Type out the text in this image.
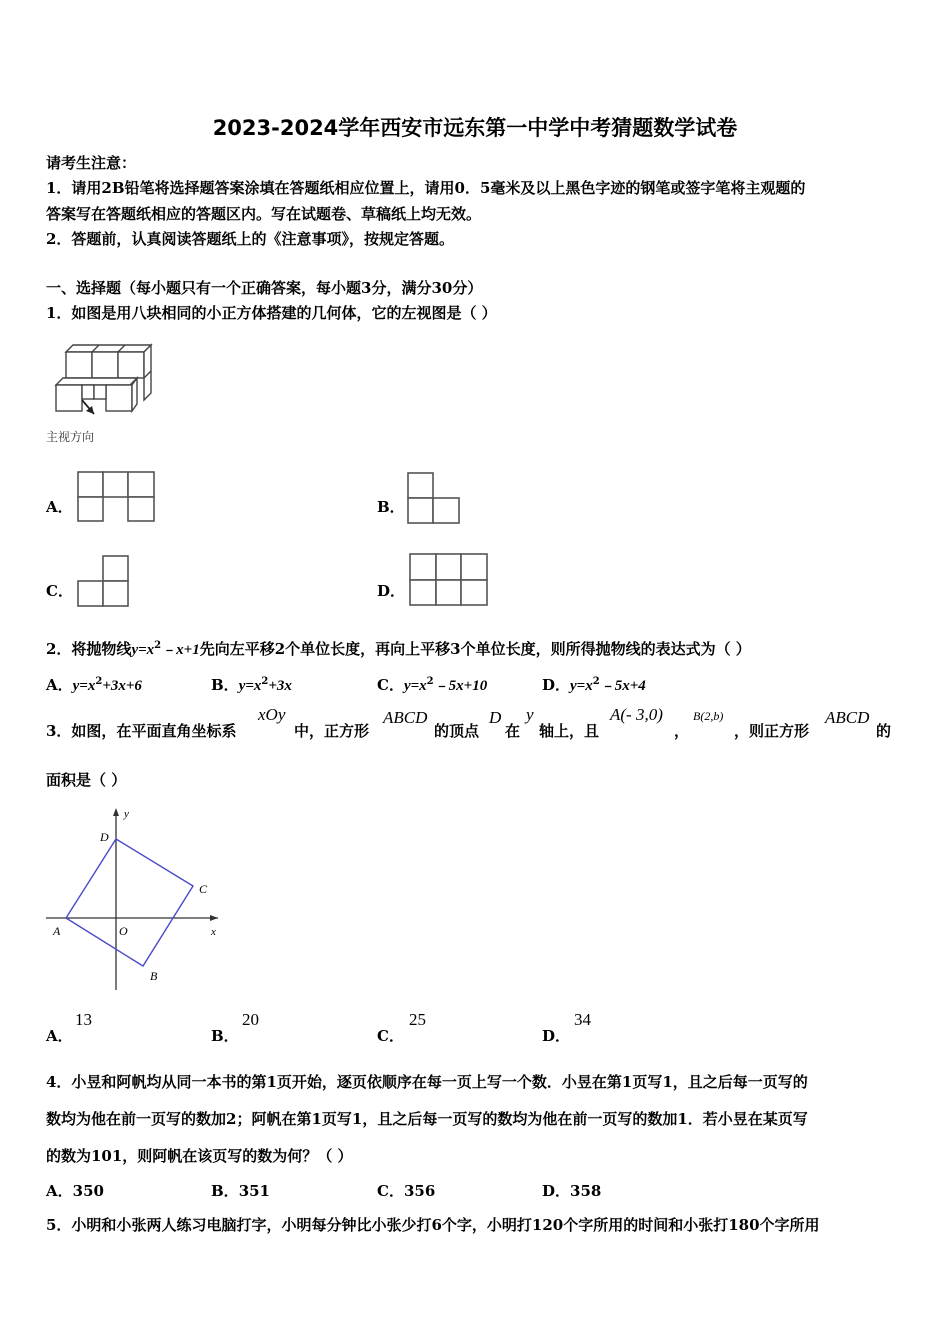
2023-2024学年西安市远东第一中学中考猜题数学试卷
请考生注意：
1．请用2B铅笔将选择题答案涂填在答题纸相应位置上，请用0．5毫米及以上黑色字迹的钢笔或签字笔将主观题的
答案写在答题纸相应的答题区内。写在试题卷、草稿纸上均无效。
2．答题前，认真阅读答题纸上的《注意事项》，按规定答题。
一、选择题（每小题只有一个正确答案，每小题3分，满分30分）
1．如图是用八块相同的小正方体搭建的几何体，它的左视图是（ ）
主视方向
A．	B．
C．	D．
2．将抛物线$y=x^2﹣x+1$先向左平移2个单位长度，再向上平移3个单位长度，则所得抛物线的表达式为（ ）
A．$y=x^2+3x+6$	B．$y=x^2+3x$	C．$y=x^2﹣5x+10$	D．$y=x^2﹣5x+4$
3．如图，在平面直角坐标系
xOy
中，正方形
ABCD
的顶点
D
在
y
轴上，且
A(- 3,0)
，
B(2,b)
，则正方形
ABCD
的
面积是（ ）
y
x
D
C
A	O
B
A．
13
B．
20
C．
25
D．
34
4．小昱和阿帆均从同一本书的第1页开始，逐页依顺序在每一页上写一个数．小昱在第1页写1，且之后每一页写的
数均为他在前一页写的数加2；阿帆在第1页写1，且之后每一页写的数均为他在前一页写的数加1．若小昱在某页写
的数为101，则阿帆在该页写的数为何？（ ）
A．350	B．351	C．356	D．358
5．小明和小张两人练习电脑打字，小明每分钟比小张少打6个字，小明打120个字所用的时间和小张打180个字所用
